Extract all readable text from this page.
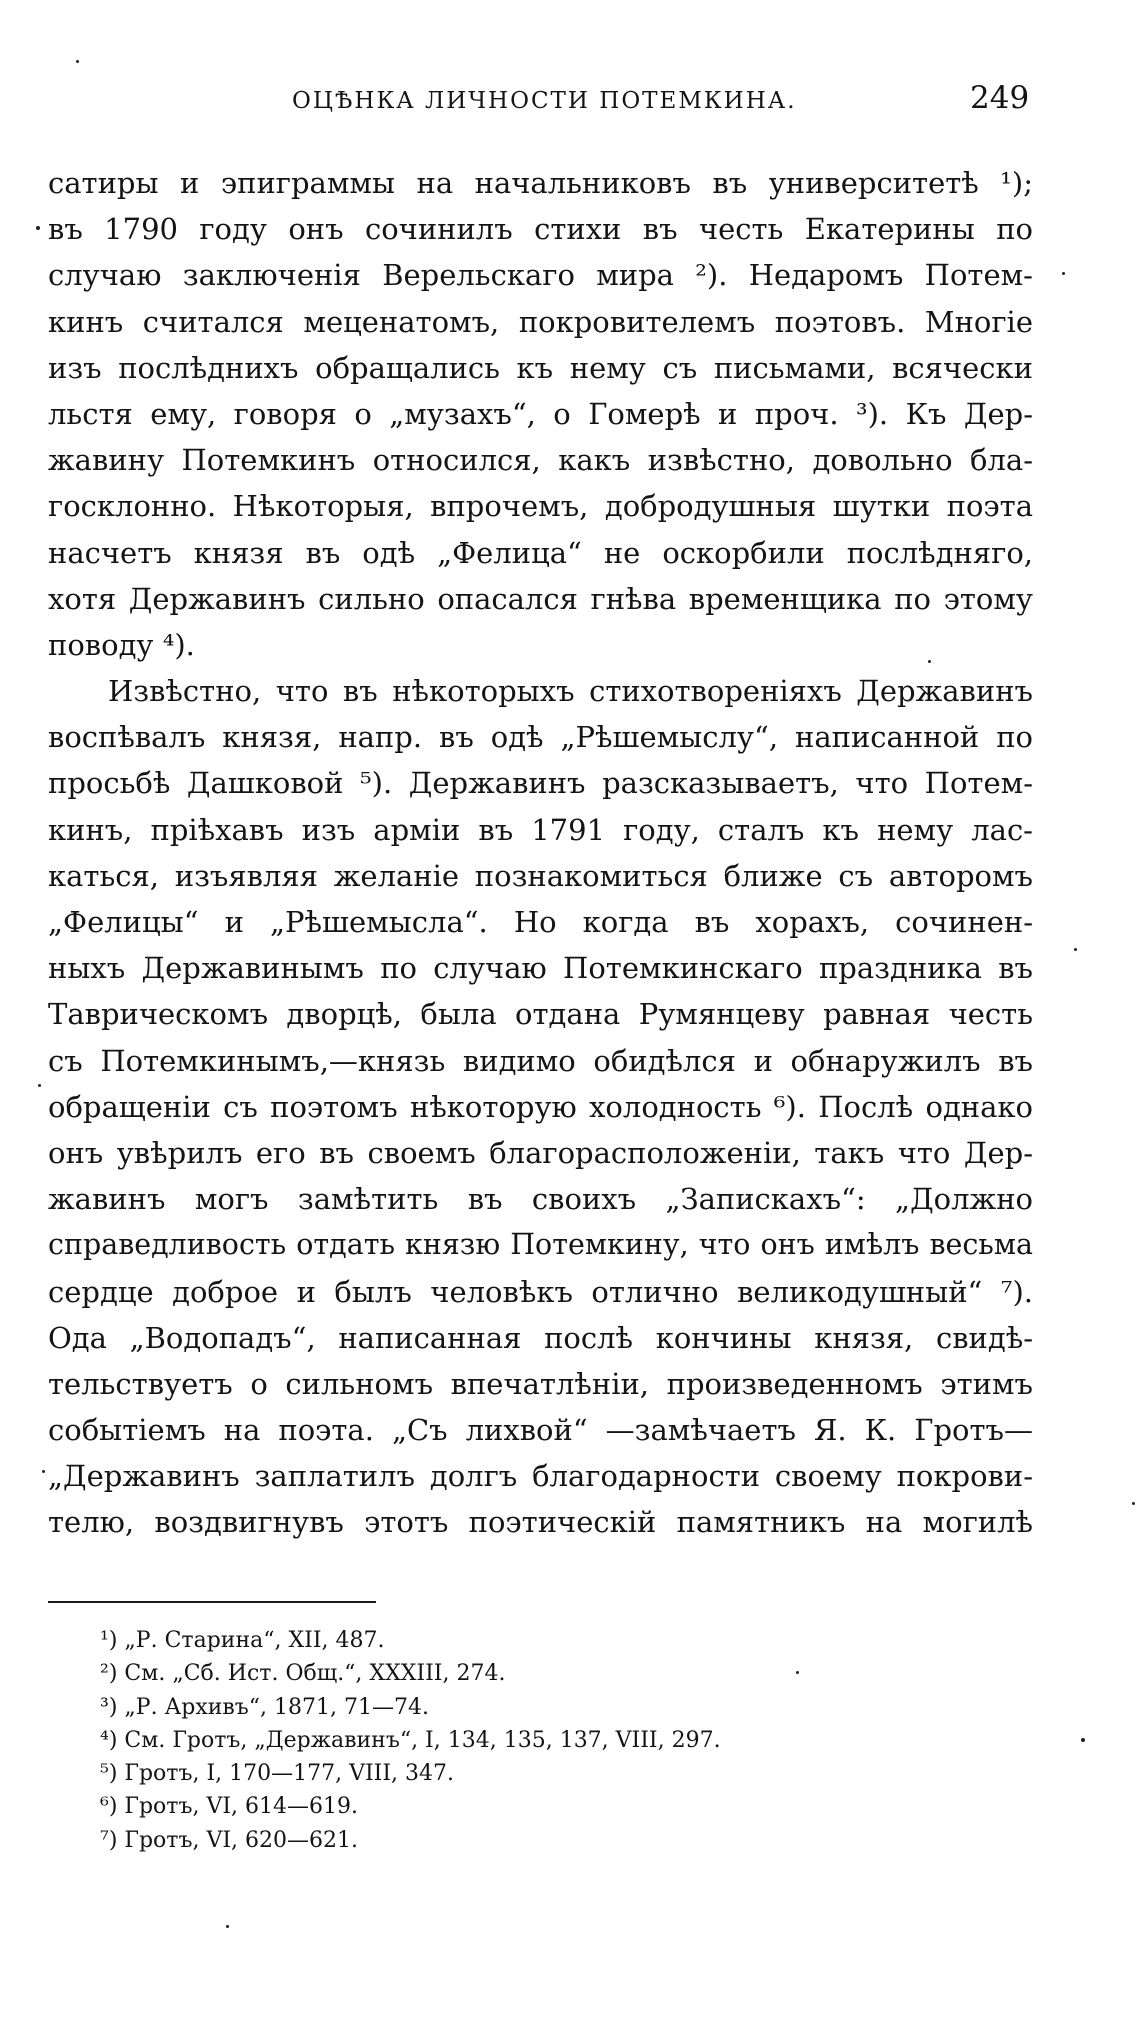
ОЦѢНКА ЛИЧНОСТИ ПОТЕМКИНА.	249
сатиры и эпиграммы на начальниковъ въ университетѣ ¹);
въ 1790 году онъ сочинилъ стихи въ честь Екатерины по
случаю заключенія Верельскаго мира ²). Недаромъ Потем-
кинъ считался меценатомъ, покровителемъ поэтовъ. Многіе
изъ послѣднихъ обращались къ нему съ письмами, всячески
льстя ему, говоря о „музахъ“, о Гомерѣ и проч. ³). Къ Дер-
жавину Потемкинъ относился, какъ извѣстно, довольно бла-
госклонно. Нѣкоторыя, впрочемъ, добродушныя шутки поэта
насчетъ князя въ одѣ „Фелица“ не оскорбили послѣдняго,
хотя Державинъ сильно опасался гнѣва временщика по этому
поводу ⁴).
Извѣстно, что въ нѣкоторыхъ стихотвореніяхъ Державинъ
воспѣвалъ князя, напр. въ одѣ „Рѣшемыслу“, написанной по
просьбѣ Дашковой ⁵). Державинъ разсказываетъ, что Потем-
кинъ, пріѣхавъ изъ арміи въ 1791 году, сталъ къ нему лас-
каться, изъявляя желаніе познакомиться ближе съ авторомъ
„Фелицы“ и „Рѣшемысла“. Но когда въ хорахъ, сочинен-
ныхъ Державинымъ по случаю Потемкинскаго праздника въ
Таврическомъ дворцѣ, была отдана Румянцеву равная честь
съ Потемкинымъ,—князь видимо обидѣлся и обнаружилъ въ
обращеніи съ поэтомъ нѣкоторую холодность ⁶). Послѣ однако
онъ увѣрилъ его въ своемъ благорасположеніи, такъ что Дер-
жавинъ могъ замѣтить въ своихъ „Запискахъ“: „Должно
справедливость отдать князю Потемкину, что онъ имѣлъ весьма
сердце доброе и былъ человѣкъ отлично великодушный“ ⁷).
Ода „Водопадъ“, написанная послѣ кончины князя, свидѣ-
тельствуетъ о сильномъ впечатлѣніи, произведенномъ этимъ
событіемъ на поэта. „Съ лихвой“ —замѣчаетъ Я. К. Гротъ—
„Державинъ заплатилъ долгъ благодарности своему покрови-
телю, воздвигнувъ этотъ поэтическій памятникъ на могилѣ
¹) „Р. Старина“, XII, 487.
²) См. „Сб. Ист. Общ.“, XXXIII, 274.
³) „Р. Архивъ“, 1871, 71—74.
⁴) См. Гротъ, „Державинъ“, I, 134, 135, 137, VIII, 297.
⁵) Гротъ, I, 170—177, VIII, 347.
⁶) Гротъ, VI, 614—619.
⁷) Гротъ, VI, 620—621.
